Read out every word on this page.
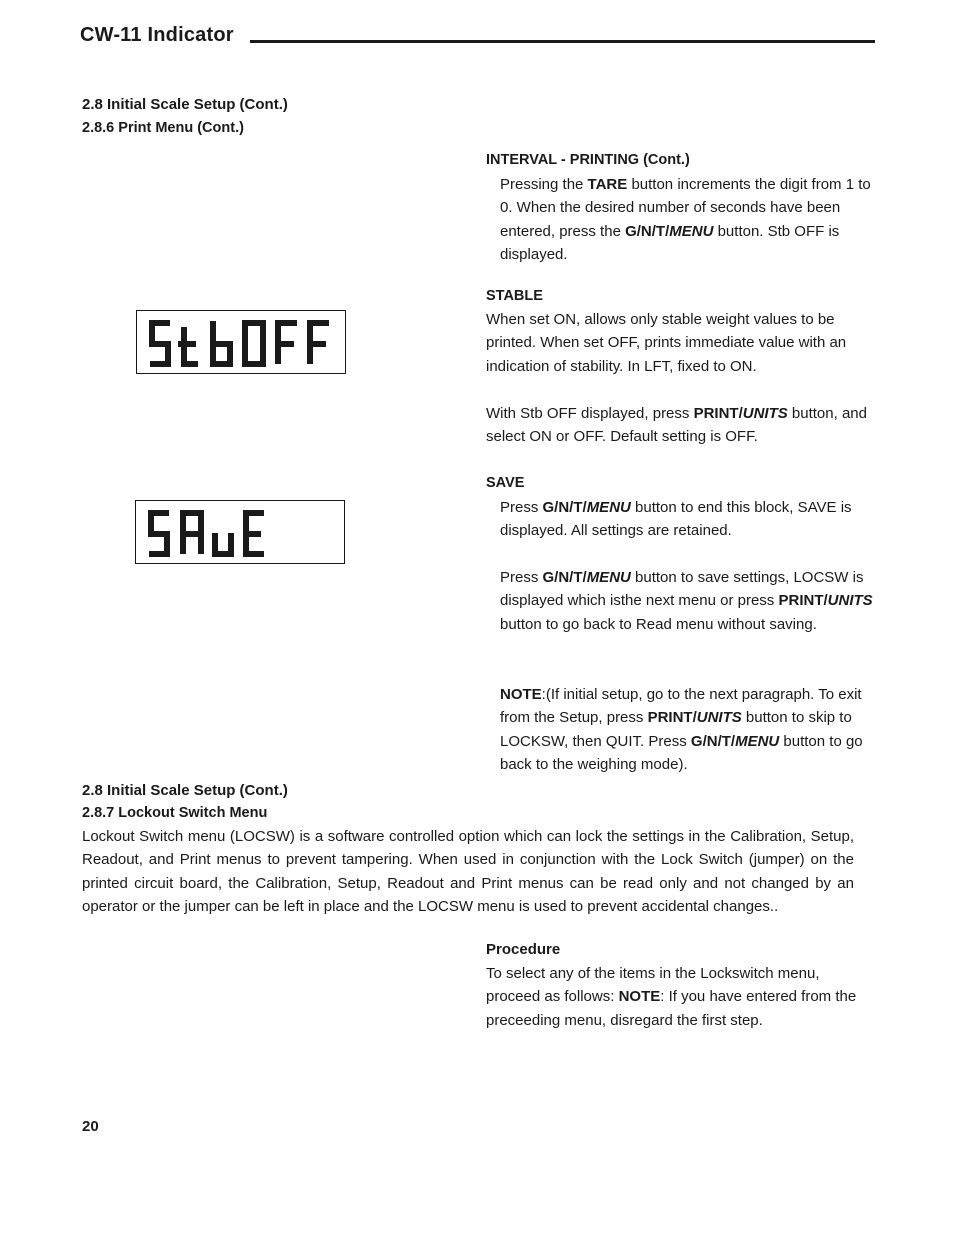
CW-11 Indicator
2.8 Initial Scale Setup (Cont.)
2.8.6 Print Menu (Cont.)
INTERVAL - PRINTING (Cont.)

Pressing the TARE button increments the digit from 1 to 0. When the desired number of seconds have been entered, press the G/N/T/MENU button. Stb OFF is displayed.

STABLE

When set ON, allows only stable weight values to be printed. When set OFF, prints immediate value with an indication of stability. In LFT, fixed to ON.

With Stb OFF displayed, press PRINT/UNITS button, and select ON or OFF. Default setting is OFF.

SAVE

Press G/N/T/MENU button to end this block, SAVE is displayed. All settings are retained.

Press G/N/T/MENU button to save settings, LOCSW is displayed which isthe next menu or press PRINT/UNITS button to go back to Read menu without saving.

NOTE:(If initial setup, go to the next paragraph. To exit from the Setup, press PRINT/UNITS button to skip to LOCKSW, then QUIT. Press G/N/T/MENU button to go back to the weighing mode).

2.8 Initial Scale Setup (Cont.)
2.8.7 Lockout Switch Menu

Lockout Switch menu (LOCSW) is a software controlled option which can lock the settings in the Calibration, Setup, Readout, and Print menus to prevent tampering. When used in conjunction with the Lock Switch (jumper) on the printed circuit board, the Calibration, Setup, Readout and Print menus can be read only and not changed by an operator or the jumper can be left in place and the LOCSW menu is used to prevent accidental changes..

Procedure

To select any of the items in the Lockswitch menu, proceed as follows: NOTE: If you have entered from the preceeding menu, disregard the first step.

20
